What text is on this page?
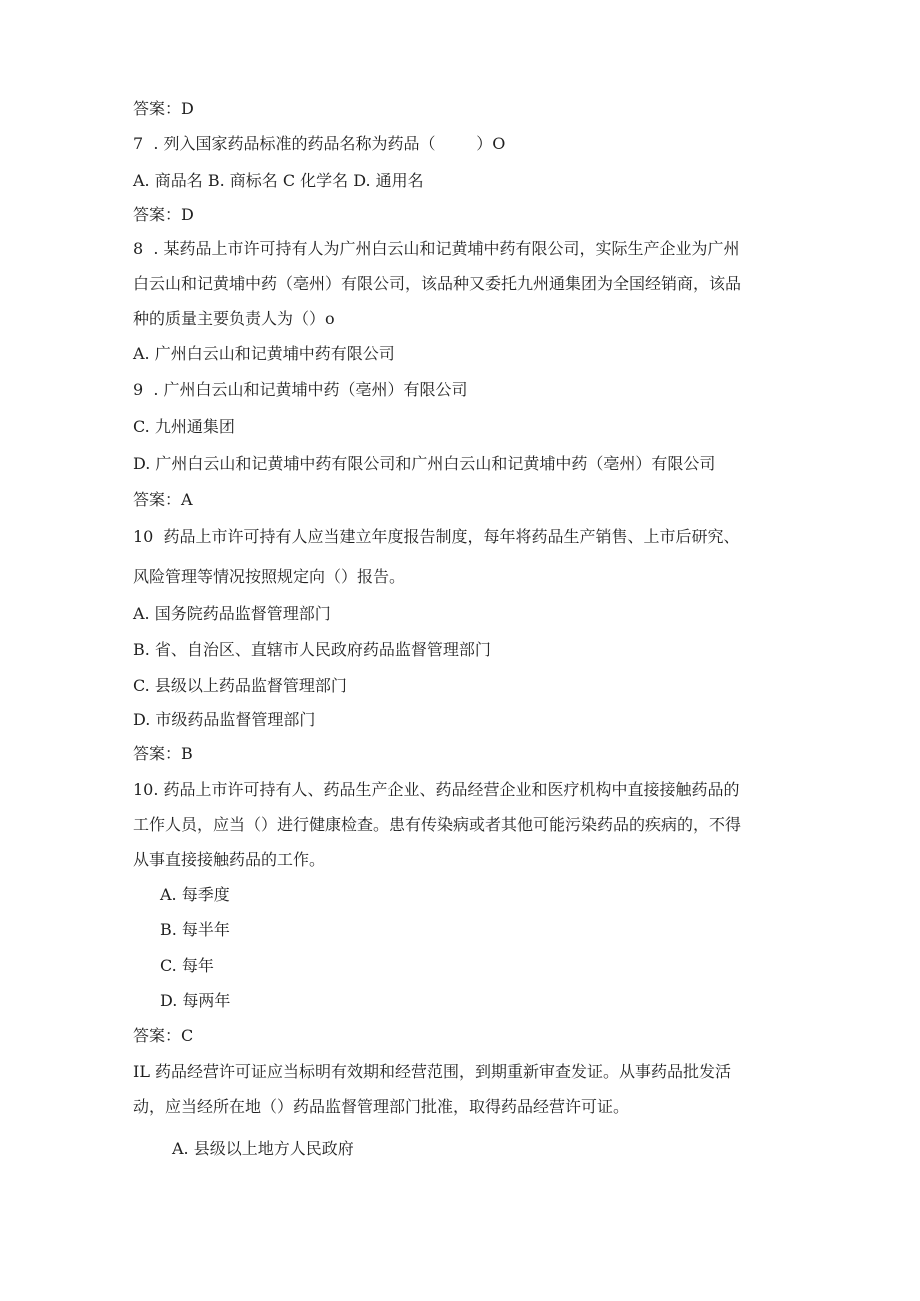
答案：D
7  . 列入国家药品标准的药品名称为药品（        ）O
A. 商品名 B. 商标名 C 化学名 D. 通用名
答案：D
8  . 某药品上市许可持有人为广州白云山和记黄埔中药有限公司，实际生产企业为广州
白云山和记黄埔中药（亳州）有限公司，该品种又委托九州通集团为全国经销商，该品
种的质量主要负责人为（）o
A. 广州白云山和记黄埔中药有限公司
9  . 广州白云山和记黄埔中药（亳州）有限公司
C. 九州通集团
D. 广州白云山和记黄埔中药有限公司和广州白云山和记黄埔中药（亳州）有限公司
答案：A
10  药品上市许可持有人应当建立年度报告制度，每年将药品生产销售、上市后研究、
风险管理等情况按照规定向（）报告。
A. 国务院药品监督管理部门
B. 省、自治区、直辖市人民政府药品监督管理部门
C. 县级以上药品监督管理部门
D. 市级药品监督管理部门
答案：B
10. 药品上市许可持有人、药品生产企业、药品经营企业和医疗机构中直接接触药品的
工作人员，应当（）进行健康检查。患有传染病或者其他可能污染药品的疾病的，不得
从事直接接触药品的工作。
A. 每季度
B. 每半年
C. 每年
D. 每两年
答案：C
IL 药品经营许可证应当标明有效期和经营范围，到期重新审查发证。从事药品批发活
动，应当经所在地（）药品监督管理部门批准，取得药品经营许可证。
A. 县级以上地方人民政府
